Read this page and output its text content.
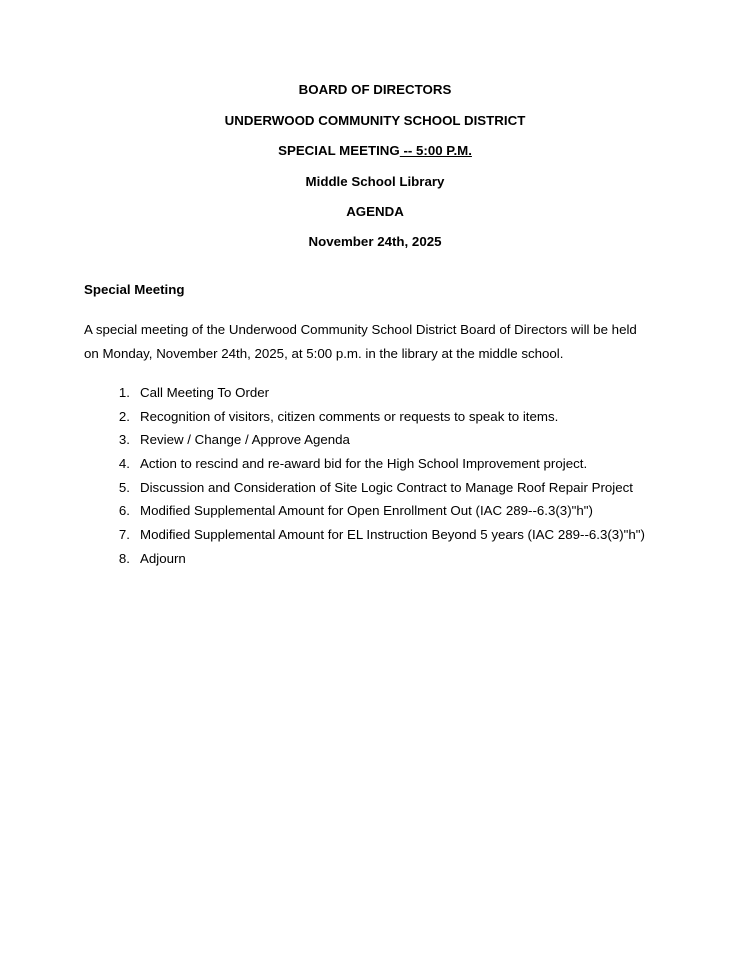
BOARD OF DIRECTORS
UNDERWOOD COMMUNITY SCHOOL DISTRICT
SPECIAL MEETING -- 5:00 P.M.
Middle School Library
AGENDA
November 24th, 2025
Special Meeting
A special meeting of the Underwood Community School District Board of Directors will be held
on Monday, November 24th, 2025, at 5:00 p.m. in the library at the middle school.
1. Call Meeting To Order
2. Recognition of visitors, citizen comments or requests to speak to items.
3. Review / Change / Approve Agenda
4. Action to rescind and re-award bid for the High School Improvement project.
5. Discussion and Consideration of Site Logic Contract to Manage Roof Repair Project
6. Modified Supplemental Amount for Open Enrollment Out (IAC 289--6.3(3)"h")
7. Modified Supplemental Amount for EL Instruction Beyond 5 years (IAC 289--6.3(3)"h")
8. Adjourn
